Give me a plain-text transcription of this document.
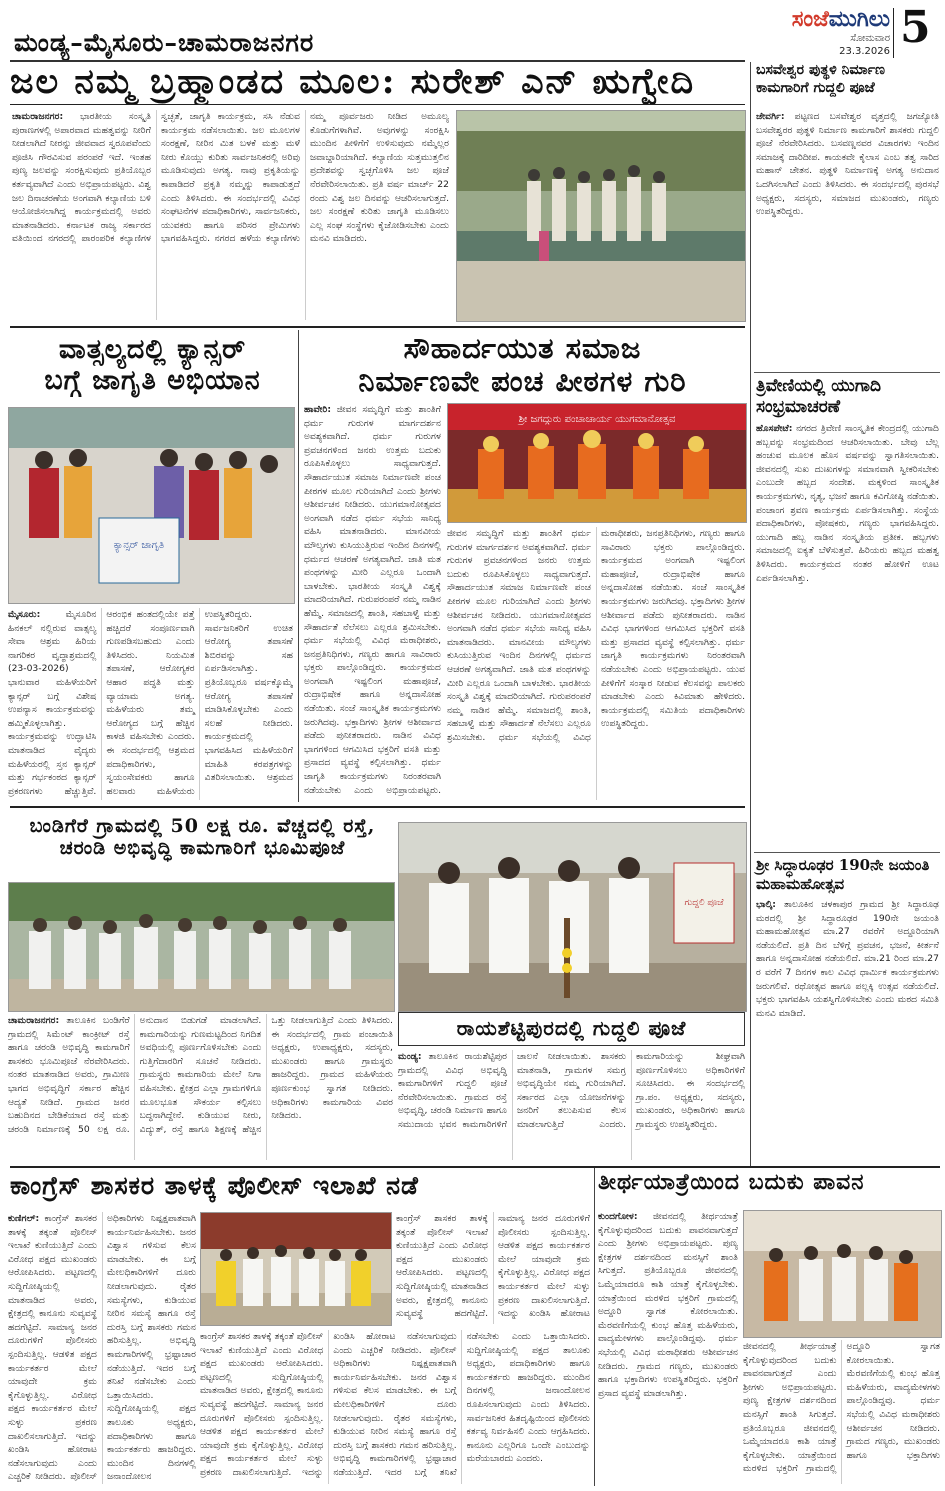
ಮಂಡ್ಯ–ಮೈಸೂರು–ಚಾಮರಾಜನಗರ
ಸಂಜೆಮುಗಿಲು
ಸೋಮವಾರ
23.3.2026 5
ಜಲ ನಮ್ಮ ಬ್ರಹ್ಮಾಂಡದ ಮೂಲ: ಸುರೇಶ್ ಎನ್ ಋಗ್ವೇದಿ
ಚಾಮರಾಜನಗರ: ಭಾರತೀಯ ಸಂಸ್ಕೃತಿ ಪುರಾಣಗಳಲ್ಲಿ ಅಪಾರವಾದ ಮಹತ್ವವನ್ನು ನೀರಿಗೆ ನೀಡಲಾಗಿದೆ ನೀರನ್ನು ಜೀವವಾದ ಸ್ವರೂಪವೆಂದು ಪೂಜಿಸಿ ಗೌರವಿಸುವ ಪರಂಪರೆ ಇದೆ. ಇಂತಹ ಪುಣ್ಯ ಜಲವನ್ನು ಸಂರಕ್ಷಿಸುವುದು ಪ್ರತಿಯೊಬ್ಬರ ಕರ್ತವ್ಯವಾಗಿದೆ ಎಂದು ಅಭಿಪ್ರಾಯಪಟ್ಟರು. ವಿಶ್ವ ಜಲ ದಿನಾಚರಣೆಯ ಅಂಗವಾಗಿ ಕಲ್ಯಾಣಿಯ ಬಳಿ ಆಯೋಜಿಸಲಾಗಿದ್ದ ಕಾರ್ಯಕ್ರಮದಲ್ಲಿ ಅವರು ಮಾತನಾಡಿದರು. ಕರ್ನಾಟಕ ರಾಜ್ಯ ಸರ್ಕಾರದ ವತಿಯಿಂದ ನಗರದಲ್ಲಿ ಪಾರಂಪರಿಕ ಕಲ್ಯಾಣಿಗಳ ಸ್ವಚ್ಛತೆ, ಜಾಗೃತಿ ಕಾರ್ಯಕ್ರಮ, ಸಸಿ ನೆಡುವ ಕಾರ್ಯಕ್ರಮ ನಡೆಸಲಾಯಿತು. ಜಲ ಮೂಲಗಳ ಸಂರಕ್ಷಣೆ, ನೀರಿನ ಮಿತ ಬಳಕೆ ಮತ್ತು ಮಳೆ ನೀರು ಕೊಯ್ಲು ಕುರಿತು ಸಾರ್ವಜನಿಕರಲ್ಲಿ ಅರಿವು ಮೂಡಿಸುವುದು ಅಗತ್ಯ. ನಾವು ಪ್ರಕೃತಿಯನ್ನು ಕಾಪಾಡಿದರೆ ಪ್ರಕೃತಿ ನಮ್ಮನ್ನು ಕಾಪಾಡುತ್ತದೆ ಎಂದು ತಿಳಿಸಿದರು. ಈ ಸಂದರ್ಭದಲ್ಲಿ ವಿವಿಧ ಸಂಘಟನೆಗಳ ಪದಾಧಿಕಾರಿಗಳು, ಸಾರ್ವಜನಿಕರು, ಯುವಕರು ಹಾಗೂ ಪರಿಸರ ಪ್ರೇಮಿಗಳು ಭಾಗವಹಿಸಿದ್ದರು. ನಗರದ ಹಳೆಯ ಕಲ್ಯಾಣಿಗಳು ನಮ್ಮ ಪೂರ್ವಜರು ನೀಡಿದ ಅಮೂಲ್ಯ ಕೊಡುಗೆಗಳಾಗಿವೆ. ಅವುಗಳನ್ನು ಸಂರಕ್ಷಿಸಿ ಮುಂದಿನ ಪೀಳಿಗೆಗೆ ಉಳಿಸುವುದು ನಮ್ಮೆಲ್ಲರ ಜವಾಬ್ದಾರಿಯಾಗಿದೆ. ಕಲ್ಯಾಣಿಯ ಸುತ್ತಮುತ್ತಲಿನ ಪ್ರದೇಶವನ್ನು ಸ್ವಚ್ಛಗೊಳಿಸಿ ಜಲ ಪೂಜೆ ನೆರವೇರಿಸಲಾಯಿತು. ಪ್ರತಿ ವರ್ಷ ಮಾರ್ಚ್ 22 ರಂದು ವಿಶ್ವ ಜಲ ದಿನವನ್ನು ಆಚರಿಸಲಾಗುತ್ತದೆ. ಜಲ ಸಂರಕ್ಷಣೆ ಕುರಿತು ಜಾಗೃತಿ ಮೂಡಿಸಲು ಎಲ್ಲ ಸಂಘ ಸಂಸ್ಥೆಗಳು ಕೈಜೋಡಿಸಬೇಕು ಎಂದು ಮನವಿ ಮಾಡಿದರು.
ವಾತ್ಸಲ್ಯದಲ್ಲಿ ಕ್ಯಾನ್ಸರ್
ಬಗ್ಗೆ ಜಾಗೃತಿ ಅಭಿಯಾನ
ಕ್ಯಾನ್ಸರ್ ಜಾಗೃತಿ
ಮೈಸೂರು:	ಮೈಸೂರಿನ ಹಿನಕಲ್ ನಲ್ಲಿರುವ ವಾತ್ಸಲ್ಯ ಸೇವಾ ಆಶ್ರಮ ಹಿರಿಯ ನಾಗರಿಕರ ವೃದ್ಧಾಶ್ರಮದಲ್ಲಿ (23-03-2026) ಭಾನುವಾರ ಮಹಿಳೆಯರಿಗೆ ಕ್ಯಾನ್ಸರ್ ಬಗ್ಗೆ ವಿಶೇಷ ಉಪನ್ಯಾಸ ಕಾರ್ಯಕ್ರಮವನ್ನು ಹಮ್ಮಿಕೊಳ್ಳಲಾಗಿತ್ತು. ಕಾರ್ಯಕ್ರಮವನ್ನು ಉದ್ಘಾಟಿಸಿ ಮಾತನಾಡಿದ ವೈದ್ಯರು ಮಹಿಳೆಯರಲ್ಲಿ ಸ್ತನ ಕ್ಯಾನ್ಸರ್ ಮತ್ತು ಗರ್ಭಕಂಠದ ಕ್ಯಾನ್ಸರ್ ಪ್ರಕರಣಗಳು ಹೆಚ್ಚುತ್ತಿವೆ. ಆರಂಭಿಕ ಹಂತದಲ್ಲಿಯೇ ಪತ್ತೆ ಹಚ್ಚಿದರೆ ಸಂಪೂರ್ಣವಾಗಿ ಗುಣಪಡಿಸಬಹುದು ಎಂದು ತಿಳಿಸಿದರು. ನಿಯಮಿತ ತಪಾಸಣೆ, ಆರೋಗ್ಯಕರ ಆಹಾರ ಪದ್ಧತಿ ಮತ್ತು ವ್ಯಾಯಾಮ ಅಗತ್ಯ. ಮಹಿಳೆಯರು ತಮ್ಮ ಆರೋಗ್ಯದ ಬಗ್ಗೆ ಹೆಚ್ಚಿನ ಕಾಳಜಿ ವಹಿಸಬೇಕು ಎಂದರು. ಈ ಸಂದರ್ಭದಲ್ಲಿ ಆಶ್ರಮದ ಪದಾಧಿಕಾರಿಗಳು, ಸ್ವಯಂಸೇವಕರು ಹಾಗೂ ಹಲವಾರು ಮಹಿಳೆಯರು ಉಪಸ್ಥಿತರಿದ್ದರು. ಸಾರ್ವಜನಿಕರಿಗೆ ಉಚಿತ ಆರೋಗ್ಯ ತಪಾಸಣೆ ಶಿಬಿರವನ್ನು ಸಹ ಏರ್ಪಡಿಸಲಾಗಿತ್ತು. ಪ್ರತಿಯೊಬ್ಬರೂ ವರ್ಷಕ್ಕೊಮ್ಮೆ ಆರೋಗ್ಯ ತಪಾಸಣೆ ಮಾಡಿಸಿಕೊಳ್ಳಬೇಕು ಎಂದು ಸಲಹೆ ನೀಡಿದರು. ಕಾರ್ಯಕ್ರಮದಲ್ಲಿ ಭಾಗವಹಿಸಿದ ಮಹಿಳೆಯರಿಗೆ ಮಾಹಿತಿ ಕರಪತ್ರಗಳನ್ನು ವಿತರಿಸಲಾಯಿತು. ಆಶ್ರಮದ
ಸೌಹಾರ್ದಯುತ ಸಮಾಜ
ನಿರ್ಮಾಣವೇ ಪಂಚ ಪೀಠಗಳ ಗುರಿ
ಶ್ರೀ ಜಗದ್ಗುರು ಪಂಚಾಚಾರ್ಯ ಯುಗಮಾನೋತ್ಸವ
ಹಾವೇರಿ: ಜೀವನ ಸಮೃದ್ಧಿಗೆ ಮತ್ತು ಶಾಂತಿಗೆ ಧರ್ಮ ಗುರುಗಳ ಮಾರ್ಗದರ್ಶನ ಅವಶ್ಯಕವಾಗಿದೆ. ಧರ್ಮ ಗುರುಗಳ ಪ್ರವಚನಗಳಿಂದ ಜನರು ಉತ್ತಮ ಬದುಕು ರೂಪಿಸಿಕೊಳ್ಳಲು ಸಾಧ್ಯವಾಗುತ್ತದೆ. ಸೌಹಾರ್ದಯುತ ಸಮಾಜ ನಿರ್ಮಾಣವೇ ಪಂಚ ಪೀಠಗಳ ಮೂಲ ಗುರಿಯಾಗಿದೆ ಎಂದು ಶ್ರೀಗಳು ಆಶೀರ್ವಚನ ನೀಡಿದರು. ಯುಗಮಾನೋತ್ಸವದ ಅಂಗವಾಗಿ ನಡೆದ ಧರ್ಮ ಸಭೆಯ ಸಾನಿಧ್ಯ ವಹಿಸಿ ಮಾತನಾಡಿದರು. ಮಾನವೀಯ ಮೌಲ್ಯಗಳು ಕುಸಿಯುತ್ತಿರುವ ಇಂದಿನ ದಿನಗಳಲ್ಲಿ ಧರ್ಮದ ಆಚರಣೆ ಅಗತ್ಯವಾಗಿದೆ. ಜಾತಿ ಮತ ಪಂಥಗಳನ್ನು ಮೀರಿ ಎಲ್ಲರೂ ಒಂದಾಗಿ ಬಾಳಬೇಕು. ಭಾರತೀಯ ಸಂಸ್ಕೃತಿ ವಿಶ್ವಕ್ಕೆ ಮಾದರಿಯಾಗಿದೆ. ಗುರುಪರಂಪರೆ ನಮ್ಮ ನಾಡಿನ ಹೆಮ್ಮೆ. ಸಮಾಜದಲ್ಲಿ ಶಾಂತಿ, ಸಹಬಾಳ್ವೆ ಮತ್ತು ಸೌಹಾರ್ದತೆ ನೆಲೆಸಲು ಎಲ್ಲರೂ ಶ್ರಮಿಸಬೇಕು. ಧರ್ಮ ಸಭೆಯಲ್ಲಿ ವಿವಿಧ ಮಠಾಧೀಶರು, ಜನಪ್ರತಿನಿಧಿಗಳು, ಗಣ್ಯರು ಹಾಗೂ ಸಾವಿರಾರು ಭಕ್ತರು ಪಾಲ್ಗೊಂಡಿದ್ದರು. ಕಾರ್ಯಕ್ರಮದ ಅಂಗವಾಗಿ ಇಷ್ಟಲಿಂಗ ಮಹಾಪೂಜೆ, ರುದ್ರಾಭಿಷೇಕ ಹಾಗೂ ಅನ್ನದಾಸೋಹ ನಡೆಯಿತು. ಸಂಜೆ ಸಾಂಸ್ಕೃತಿಕ ಕಾರ್ಯಕ್ರಮಗಳು ಜರುಗಿದವು. ಭಕ್ತಾದಿಗಳು ಶ್ರೀಗಳ ಆಶೀರ್ವಾದ ಪಡೆದು ಪುನೀತರಾದರು. ನಾಡಿನ ವಿವಿಧ ಭಾಗಗಳಿಂದ ಆಗಮಿಸಿದ ಭಕ್ತರಿಗೆ ವಸತಿ ಮತ್ತು ಪ್ರಸಾದದ ವ್ಯವಸ್ಥೆ ಕಲ್ಪಿಸಲಾಗಿತ್ತು. ಧರ್ಮ ಜಾಗೃತಿ ಕಾರ್ಯಕ್ರಮಗಳು ನಿರಂತರವಾಗಿ ನಡೆಯಬೇಕು ಎಂದು ಅಭಿಪ್ರಾಯಪಟ್ಟರು.
ಜೀವನ ಸಮೃದ್ಧಿಗೆ ಮತ್ತು ಶಾಂತಿಗೆ ಧರ್ಮ ಗುರುಗಳ ಮಾರ್ಗದರ್ಶನ ಅವಶ್ಯಕವಾಗಿದೆ. ಧರ್ಮ ಗುರುಗಳ ಪ್ರವಚನಗಳಿಂದ ಜನರು ಉತ್ತಮ ಬದುಕು ರೂಪಿಸಿಕೊಳ್ಳಲು ಸಾಧ್ಯವಾಗುತ್ತದೆ. ಸೌಹಾರ್ದಯುತ ಸಮಾಜ ನಿರ್ಮಾಣವೇ ಪಂಚ ಪೀಠಗಳ ಮೂಲ ಗುರಿಯಾಗಿದೆ ಎಂದು ಶ್ರೀಗಳು ಆಶೀರ್ವಚನ ನೀಡಿದರು. ಯುಗಮಾನೋತ್ಸವದ ಅಂಗವಾಗಿ ನಡೆದ ಧರ್ಮ ಸಭೆಯ ಸಾನಿಧ್ಯ ವಹಿಸಿ ಮಾತನಾಡಿದರು. ಮಾನವೀಯ ಮೌಲ್ಯಗಳು ಕುಸಿಯುತ್ತಿರುವ ಇಂದಿನ ದಿನಗಳಲ್ಲಿ ಧರ್ಮದ ಆಚರಣೆ ಅಗತ್ಯವಾಗಿದೆ. ಜಾತಿ ಮತ ಪಂಥಗಳನ್ನು ಮೀರಿ ಎಲ್ಲರೂ ಒಂದಾಗಿ ಬಾಳಬೇಕು. ಭಾರತೀಯ ಸಂಸ್ಕೃತಿ ವಿಶ್ವಕ್ಕೆ ಮಾದರಿಯಾಗಿದೆ. ಗುರುಪರಂಪರೆ ನಮ್ಮ ನಾಡಿನ ಹೆಮ್ಮೆ. ಸಮಾಜದಲ್ಲಿ ಶಾಂತಿ, ಸಹಬಾಳ್ವೆ ಮತ್ತು ಸೌಹಾರ್ದತೆ ನೆಲೆಸಲು ಎಲ್ಲರೂ ಶ್ರಮಿಸಬೇಕು. ಧರ್ಮ ಸಭೆಯಲ್ಲಿ ವಿವಿಧ ಮಠಾಧೀಶರು, ಜನಪ್ರತಿನಿಧಿಗಳು, ಗಣ್ಯರು ಹಾಗೂ ಸಾವಿರಾರು ಭಕ್ತರು ಪಾಲ್ಗೊಂಡಿದ್ದರು. ಕಾರ್ಯಕ್ರಮದ ಅಂಗವಾಗಿ ಇಷ್ಟಲಿಂಗ ಮಹಾಪೂಜೆ, ರುದ್ರಾಭಿಷೇಕ ಹಾಗೂ ಅನ್ನದಾಸೋಹ ನಡೆಯಿತು. ಸಂಜೆ ಸಾಂಸ್ಕೃತಿಕ ಕಾರ್ಯಕ್ರಮಗಳು ಜರುಗಿದವು. ಭಕ್ತಾದಿಗಳು ಶ್ರೀಗಳ ಆಶೀರ್ವಾದ ಪಡೆದು ಪುನೀತರಾದರು. ನಾಡಿನ ವಿವಿಧ ಭಾಗಗಳಿಂದ ಆಗಮಿಸಿದ ಭಕ್ತರಿಗೆ ವಸತಿ ಮತ್ತು ಪ್ರಸಾದದ ವ್ಯವಸ್ಥೆ ಕಲ್ಪಿಸಲಾಗಿತ್ತು. ಧರ್ಮ ಜಾಗೃತಿ ಕಾರ್ಯಕ್ರಮಗಳು ನಿರಂತರವಾಗಿ ನಡೆಯಬೇಕು ಎಂದು ಅಭಿಪ್ರಾಯಪಟ್ಟರು. ಯುವ ಪೀಳಿಗೆಗೆ ಸಂಸ್ಕಾರ ನೀಡುವ ಕೆಲಸವನ್ನು ಪಾಲಕರು ಮಾಡಬೇಕು ಎಂದು ಕಿವಿಮಾತು ಹೇಳಿದರು. ಕಾರ್ಯಕ್ರಮದಲ್ಲಿ ಸಮಿತಿಯ ಪದಾಧಿಕಾರಿಗಳು ಉಪಸ್ಥಿತರಿದ್ದರು.
ಬಸವೇಶ್ವರ ಪುತ್ಥಳಿ ನಿರ್ಮಾಣ ಕಾಮಗಾರಿಗೆ ಗುದ್ದಲಿ ಪೂಜೆ
ಜೇವರ್ಗಿ: ಪಟ್ಟಣದ ಬಸವೇಶ್ವರ ವೃತ್ತದಲ್ಲಿ ಜಗಜ್ಯೋತಿ ಬಸವೇಶ್ವರರ ಪುತ್ಥಳಿ ನಿರ್ಮಾಣ ಕಾಮಗಾರಿಗೆ ಶಾಸಕರು ಗುದ್ದಲಿ ಪೂಜೆ ನೆರವೇರಿಸಿದರು. ಬಸವಣ್ಣನವರ ವಿಚಾರಗಳು ಇಂದಿನ ಸಮಾಜಕ್ಕೆ ದಾರಿದೀಪ. ಕಾಯಕವೇ ಕೈಲಾಸ ಎಂಬ ತತ್ವ ಸಾರಿದ ಮಹಾನ್ ಚೇತನ. ಪುತ್ಥಳಿ ನಿರ್ಮಾಣಕ್ಕೆ ಅಗತ್ಯ ಅನುದಾನ ಒದಗಿಸಲಾಗಿದೆ ಎಂದು ತಿಳಿಸಿದರು. ಈ ಸಂದರ್ಭದಲ್ಲಿ ಪುರಸಭೆ ಅಧ್ಯಕ್ಷರು, ಸದಸ್ಯರು, ಸಮಾಜದ ಮುಖಂಡರು, ಗಣ್ಯರು ಉಪಸ್ಥಿತರಿದ್ದರು.
ತ್ರಿವೇಣಿಯಲ್ಲಿ ಯುಗಾದಿ ಸಂಭ್ರಮಾಚರಣೆ
ಹೊಸಪೇಟೆ: ನಗರದ ತ್ರಿವೇಣಿ ಸಾಂಸ್ಕೃತಿಕ ಕೇಂದ್ರದಲ್ಲಿ ಯುಗಾದಿ ಹಬ್ಬವನ್ನು ಸಂಭ್ರಮದಿಂದ ಆಚರಿಸಲಾಯಿತು. ಬೇವು ಬೆಲ್ಲ ಹಂಚುವ ಮೂಲಕ ಹೊಸ ವರ್ಷವನ್ನು ಸ್ವಾಗತಿಸಲಾಯಿತು. ಜೀವನದಲ್ಲಿ ಸುಖ ದುಃಖಗಳನ್ನು ಸಮಾನವಾಗಿ ಸ್ವೀಕರಿಸಬೇಕು ಎಂಬುದೇ ಹಬ್ಬದ ಸಂದೇಶ. ಮಕ್ಕಳಿಂದ ಸಾಂಸ್ಕೃತಿಕ ಕಾರ್ಯಕ್ರಮಗಳು, ನೃತ್ಯ, ಭಜನೆ ಹಾಗೂ ಕವಿಗೋಷ್ಠಿ ನಡೆಯಿತು. ಪಂಚಾಂಗ ಶ್ರವಣ ಕಾರ್ಯಕ್ರಮ ಏರ್ಪಡಿಸಲಾಗಿತ್ತು. ಸಂಸ್ಥೆಯ ಪದಾಧಿಕಾರಿಗಳು, ಪೋಷಕರು, ಗಣ್ಯರು ಭಾಗವಹಿಸಿದ್ದರು. ಯುಗಾದಿ ಹಬ್ಬ ನಾಡಿನ ಸಂಸ್ಕೃತಿಯ ಪ್ರತೀಕ. ಹಬ್ಬಗಳು ಸಮಾಜದಲ್ಲಿ ಐಕ್ಯತೆ ಬೆಳೆಸುತ್ತವೆ. ಹಿರಿಯರು ಹಬ್ಬದ ಮಹತ್ವ ತಿಳಿಸಿದರು. ಕಾರ್ಯಕ್ರಮದ ನಂತರ ಹೋಳಿಗೆ ಊಟ ಏರ್ಪಡಿಸಲಾಗಿತ್ತು.
ಶ್ರೀ ಸಿದ್ಧಾರೂಢರ 190ನೇ ಜಯಂತಿ ಮಹಾಮಹೋತ್ಸವ
ಭಾಲ್ಕಿ: ತಾಲೂಕಿನ ಚಳಕಾಪುರ ಗ್ರಾಮದ ಶ್ರೀ ಸಿದ್ಧಾರೂಢ ಮಠದಲ್ಲಿ ಶ್ರೀ ಸಿದ್ಧಾರೂಢರ 190ನೇ ಜಯಂತಿ ಮಹಾಮಹೋತ್ಸವ ಮಾ.27 ರವರೆಗೆ ಅದ್ದೂರಿಯಾಗಿ ನಡೆಯಲಿದೆ. ಪ್ರತಿ ದಿನ ಬೆಳಿಗ್ಗೆ ಪ್ರವಚನ, ಭಜನೆ, ಕೀರ್ತನೆ ಹಾಗೂ ಅನ್ನದಾಸೋಹ ನಡೆಯಲಿದೆ. ಮಾ.21 ರಿಂದ ಮಾ.27 ರ ವರೆಗೆ 7 ದಿನಗಳ ಕಾಲ ವಿವಿಧ ಧಾರ್ಮಿಕ ಕಾರ್ಯಕ್ರಮಗಳು ಜರುಗಲಿವೆ. ರಥೋತ್ಸವ ಹಾಗೂ ಪಲ್ಲಕ್ಕಿ ಉತ್ಸವ ನಡೆಯಲಿದೆ. ಭಕ್ತರು ಭಾಗವಹಿಸಿ ಯಶಸ್ವಿಗೊಳಿಸಬೇಕು ಎಂದು ಮಠದ ಸಮಿತಿ ಮನವಿ ಮಾಡಿದೆ.
ಬಂಡಿಗೆರೆ ಗ್ರಾಮದಲ್ಲಿ 50 ಲಕ್ಷ ರೂ. ವೆಚ್ಚದಲ್ಲಿ ರಸ್ತೆ,
ಚರಂಡಿ ಅಭಿವೃದ್ಧಿ ಕಾಮಗಾರಿಗೆ ಭೂಮಿಪೂಜೆ
ಚಾಮರಾಜನಗರ: ತಾಲೂಕಿನ ಬಂಡಿಗೆರೆ ಗ್ರಾಮದಲ್ಲಿ ಸಿಮೆಂಟ್ ಕಾಂಕ್ರೀಟ್ ರಸ್ತೆ ಹಾಗೂ ಚರಂಡಿ ಅಭಿವೃದ್ಧಿ ಕಾಮಗಾರಿಗೆ ಶಾಸಕರು ಭೂಮಿಪೂಜೆ ನೆರವೇರಿಸಿದರು. ನಂತರ ಮಾತನಾಡಿದ ಅವರು, ಗ್ರಾಮೀಣ ಭಾಗದ ಅಭಿವೃದ್ಧಿಗೆ ಸರ್ಕಾರ ಹೆಚ್ಚಿನ ಆದ್ಯತೆ ನೀಡಿದೆ. ಗ್ರಾಮದ ಜನರ ಬಹುದಿನದ ಬೇಡಿಕೆಯಾದ ರಸ್ತೆ ಮತ್ತು ಚರಂಡಿ ನಿರ್ಮಾಣಕ್ಕೆ 50 ಲಕ್ಷ ರೂ. ಅನುದಾನ ಬಿಡುಗಡೆ ಮಾಡಲಾಗಿದೆ. ಕಾಮಗಾರಿಯನ್ನು ಗುಣಮಟ್ಟದಿಂದ ನಿಗದಿತ ಅವಧಿಯಲ್ಲಿ ಪೂರ್ಣಗೊಳಿಸಬೇಕು ಎಂದು ಗುತ್ತಿಗೆದಾರರಿಗೆ ಸೂಚನೆ ನೀಡಿದರು. ಗ್ರಾಮಸ್ಥರು ಕಾಮಗಾರಿಯ ಮೇಲೆ ನಿಗಾ ವಹಿಸಬೇಕು. ಕ್ಷೇತ್ರದ ಎಲ್ಲಾ ಗ್ರಾಮಗಳಿಗೂ ಮೂಲಭೂತ ಸೌಕರ್ಯ ಕಲ್ಪಿಸಲು ಬದ್ಧನಾಗಿದ್ದೇನೆ. ಕುಡಿಯುವ ನೀರು, ವಿದ್ಯುತ್, ರಸ್ತೆ ಹಾಗೂ ಶಿಕ್ಷಣಕ್ಕೆ ಹೆಚ್ಚಿನ ಒತ್ತು ನೀಡಲಾಗುತ್ತಿದೆ ಎಂದು ತಿಳಿಸಿದರು. ಈ ಸಂದರ್ಭದಲ್ಲಿ ಗ್ರಾಮ ಪಂಚಾಯಿತಿ ಅಧ್ಯಕ್ಷರು, ಉಪಾಧ್ಯಕ್ಷರು, ಸದಸ್ಯರು, ಮುಖಂಡರು ಹಾಗೂ ಗ್ರಾಮಸ್ಥರು ಹಾಜರಿದ್ದರು. ಗ್ರಾಮದ ಮಹಿಳೆಯರು ಪೂರ್ಣಕುಂಭ ಸ್ವಾಗತ ನೀಡಿದರು. ಅಧಿಕಾರಿಗಳು ಕಾಮಗಾರಿಯ ವಿವರ ನೀಡಿದರು.
ಗುದ್ದಲಿ ಪೂಜೆ
ರಾಯಶೆಟ್ಟಿಪುರದಲ್ಲಿ ಗುದ್ದಲಿ ಪೂಜೆ
ಮಂಡ್ಯ: ತಾಲೂಕಿನ ರಾಯಶೆಟ್ಟಿಪುರ ಗ್ರಾಮದಲ್ಲಿ ವಿವಿಧ ಅಭಿವೃದ್ಧಿ ಕಾಮಗಾರಿಗಳಿಗೆ ಗುದ್ದಲಿ ಪೂಜೆ ನೆರವೇರಿಸಲಾಯಿತು. ಗ್ರಾಮದ ರಸ್ತೆ ಅಭಿವೃದ್ಧಿ, ಚರಂಡಿ ನಿರ್ಮಾಣ ಹಾಗೂ ಸಮುದಾಯ ಭವನ ಕಾಮಗಾರಿಗಳಿಗೆ ಚಾಲನೆ ನೀಡಲಾಯಿತು. ಶಾಸಕರು ಮಾತನಾಡಿ, ಗ್ರಾಮಗಳ ಸಮಗ್ರ ಅಭಿವೃದ್ಧಿಯೇ ನಮ್ಮ ಗುರಿಯಾಗಿದೆ. ಸರ್ಕಾರದ ಎಲ್ಲಾ ಯೋಜನೆಗಳನ್ನು ಜನರಿಗೆ ತಲುಪಿಸುವ ಕೆಲಸ ಮಾಡಲಾಗುತ್ತಿದೆ ಎಂದರು. ಕಾಮಗಾರಿಯನ್ನು ಶೀಘ್ರವಾಗಿ ಪೂರ್ಣಗೊಳಿಸಲು ಅಧಿಕಾರಿಗಳಿಗೆ ಸೂಚಿಸಿದರು. ಈ ಸಂದರ್ಭದಲ್ಲಿ ಗ್ರಾ.ಪಂ. ಅಧ್ಯಕ್ಷರು, ಸದಸ್ಯರು, ಮುಖಂಡರು, ಅಧಿಕಾರಿಗಳು ಹಾಗೂ ಗ್ರಾಮಸ್ಥರು ಉಪಸ್ಥಿತರಿದ್ದರು.
ಕಾಂಗ್ರೆಸ್ ಶಾಸಕರ ತಾಳಕ್ಕೆ ಪೊಲೀಸ್ ಇಲಾಖೆ ನಡೆ
ಕುಣಿಗಲ್: ಕಾಂಗ್ರೆಸ್ ಶಾಸಕರ ತಾಳಕ್ಕೆ ತಕ್ಕಂತೆ ಪೊಲೀಸ್ ಇಲಾಖೆ ಕುಣಿಯುತ್ತಿದೆ ಎಂದು ವಿರೋಧ ಪಕ್ಷದ ಮುಖಂಡರು ಆರೋಪಿಸಿದರು. ಪಟ್ಟಣದಲ್ಲಿ ಸುದ್ದಿಗೋಷ್ಠಿಯಲ್ಲಿ ಮಾತನಾಡಿದ ಅವರು, ಕ್ಷೇತ್ರದಲ್ಲಿ ಕಾನೂನು ಸುವ್ಯವಸ್ಥೆ ಹದಗೆಟ್ಟಿದೆ. ಸಾಮಾನ್ಯ ಜನರ ದೂರುಗಳಿಗೆ ಪೊಲೀಸರು ಸ್ಪಂದಿಸುತ್ತಿಲ್ಲ. ಆಡಳಿತ ಪಕ್ಷದ ಕಾರ್ಯಕರ್ತರ ಮೇಲೆ ಯಾವುದೇ ಕ್ರಮ ಕೈಗೊಳ್ಳುತ್ತಿಲ್ಲ. ವಿರೋಧ ಪಕ್ಷದ ಕಾರ್ಯಕರ್ತರ ಮೇಲೆ ಸುಳ್ಳು ಪ್ರಕರಣ ದಾಖಲಿಸಲಾಗುತ್ತಿದೆ. ಇದನ್ನು ಖಂಡಿಸಿ ಹೋರಾಟ ನಡೆಸಲಾಗುವುದು ಎಂದು ಎಚ್ಚರಿಕೆ ನೀಡಿದರು. ಪೊಲೀಸ್ ಅಧಿಕಾರಿಗಳು ನಿಷ್ಪಕ್ಷಪಾತವಾಗಿ ಕಾರ್ಯನಿರ್ವಹಿಸಬೇಕು. ಜನರ ವಿಶ್ವಾಸ ಗಳಿಸುವ ಕೆಲಸ ಮಾಡಬೇಕು. ಈ ಬಗ್ಗೆ ಮೇಲಧಿಕಾರಿಗಳಿಗೆ ದೂರು ನೀಡಲಾಗುವುದು. ರೈತರ ಸಮಸ್ಯೆಗಳು, ಕುಡಿಯುವ ನೀರಿನ ಸಮಸ್ಯೆ ಹಾಗೂ ರಸ್ತೆ ದುರಸ್ತಿ ಬಗ್ಗೆ ಶಾಸಕರು ಗಮನ ಹರಿಸುತ್ತಿಲ್ಲ. ಅಭಿವೃದ್ಧಿ ಕಾಮಗಾರಿಗಳಲ್ಲಿ ಭ್ರಷ್ಟಾಚಾರ ನಡೆಯುತ್ತಿದೆ. ಇದರ ಬಗ್ಗೆ ತನಿಖೆ ನಡೆಸಬೇಕು ಎಂದು ಒತ್ತಾಯಿಸಿದರು. ಸುದ್ದಿಗೋಷ್ಠಿಯಲ್ಲಿ ಪಕ್ಷದ ತಾಲೂಕು ಅಧ್ಯಕ್ಷರು, ಪದಾಧಿಕಾರಿಗಳು ಹಾಗೂ ಕಾರ್ಯಕರ್ತರು ಹಾಜರಿದ್ದರು. ಮುಂದಿನ ದಿನಗಳಲ್ಲಿ ಜನಾಂದೋಲನ
ಕಾಂಗ್ರೆಸ್ ಶಾಸಕರ ತಾಳಕ್ಕೆ ತಕ್ಕಂತೆ ಪೊಲೀಸ್ ಇಲಾಖೆ ಕುಣಿಯುತ್ತಿದೆ ಎಂದು ವಿರೋಧ ಪಕ್ಷದ ಮುಖಂಡರು ಆರೋಪಿಸಿದರು. ಪಟ್ಟಣದಲ್ಲಿ ಸುದ್ದಿಗೋಷ್ಠಿಯಲ್ಲಿ ಮಾತನಾಡಿದ ಅವರು, ಕ್ಷೇತ್ರದಲ್ಲಿ ಕಾನೂನು ಸುವ್ಯವಸ್ಥೆ ಹದಗೆಟ್ಟಿದೆ. ಸಾಮಾನ್ಯ ಜನರ ದೂರುಗಳಿಗೆ ಪೊಲೀಸರು ಸ್ಪಂದಿಸುತ್ತಿಲ್ಲ. ಆಡಳಿತ ಪಕ್ಷದ ಕಾರ್ಯಕರ್ತರ ಮೇಲೆ ಯಾವುದೇ ಕ್ರಮ ಕೈಗೊಳ್ಳುತ್ತಿಲ್ಲ. ವಿರೋಧ ಪಕ್ಷದ ಕಾರ್ಯಕರ್ತರ ಮೇಲೆ ಸುಳ್ಳು ಪ್ರಕರಣ ದಾಖಲಿಸಲಾಗುತ್ತಿದೆ. ಇದನ್ನು ಖಂಡಿಸಿ ಹೋರಾಟ ನಡೆಸಲಾಗುವುದು ಎಂದು ಎಚ್ಚರಿಕೆ ನೀಡಿದರು. ಪೊಲೀಸ್ ಅಧಿಕಾರಿಗಳು ನಿಷ್ಪಕ್ಷಪಾತವಾಗಿ ಕಾರ್ಯನಿರ್ವಹಿಸಬೇಕು. ಜನರ ವಿಶ್ವಾಸ ಗಳಿಸುವ ಕೆಲಸ ಮಾಡಬೇಕು. ಈ ಬಗ್ಗೆ ಮೇಲಧಿಕಾರಿಗಳಿಗೆ ದೂರು ನೀಡಲಾಗುವುದು. ರೈತರ ಸಮಸ್ಯೆಗಳು, ಕುಡಿಯುವ ನೀರಿನ ಸಮಸ್ಯೆ ಹಾಗೂ ರಸ್ತೆ ದುರಸ್ತಿ ಬಗ್ಗೆ ಶಾಸಕರು ಗಮನ ಹರಿಸುತ್ತಿಲ್ಲ. ಅಭಿವೃದ್ಧಿ ಕಾಮಗಾರಿಗಳಲ್ಲಿ ಭ್ರಷ್ಟಾಚಾರ ನಡೆಯುತ್ತಿದೆ. ಇದರ ಬಗ್ಗೆ ತನಿಖೆ ನಡೆಸಬೇಕು ಎಂದು ಒತ್ತಾಯಿಸಿದರು. ಸುದ್ದಿಗೋಷ್ಠಿಯಲ್ಲಿ ಪಕ್ಷದ ತಾಲೂಕು ಅಧ್ಯಕ್ಷರು, ಪದಾಧಿಕಾರಿಗಳು ಹಾಗೂ ಕಾರ್ಯಕರ್ತರು ಹಾಜರಿದ್ದರು. ಮುಂದಿನ ದಿನಗಳಲ್ಲಿ ಜನಾಂದೋಲನ ರೂಪಿಸಲಾಗುವುದು ಎಂದು ತಿಳಿಸಿದರು. ಸಾರ್ವಜನಿಕರ ಹಿತದೃಷ್ಟಿಯಿಂದ ಪೊಲೀಸರು ಕರ್ತವ್ಯ ನಿರ್ವಹಿಸಲಿ ಎಂದು ಆಗ್ರಹಿಸಿದರು. ಕಾನೂನು ಎಲ್ಲರಿಗೂ ಒಂದೇ ಎಂಬುದನ್ನು ಮರೆಯಬಾರದು ಎಂದರು.
ಕಾಂಗ್ರೆಸ್ ಶಾಸಕರ ತಾಳಕ್ಕೆ ತಕ್ಕಂತೆ ಪೊಲೀಸ್ ಇಲಾಖೆ ಕುಣಿಯುತ್ತಿದೆ ಎಂದು ವಿರೋಧ ಪಕ್ಷದ ಮುಖಂಡರು ಆರೋಪಿಸಿದರು. ಪಟ್ಟಣದಲ್ಲಿ ಸುದ್ದಿಗೋಷ್ಠಿಯಲ್ಲಿ ಮಾತನಾಡಿದ ಅವರು, ಕ್ಷೇತ್ರದಲ್ಲಿ ಕಾನೂನು ಸುವ್ಯವಸ್ಥೆ ಹದಗೆಟ್ಟಿದೆ. ಸಾಮಾನ್ಯ ಜನರ ದೂರುಗಳಿಗೆ ಪೊಲೀಸರು ಸ್ಪಂದಿಸುತ್ತಿಲ್ಲ. ಆಡಳಿತ ಪಕ್ಷದ ಕಾರ್ಯಕರ್ತರ ಮೇಲೆ ಯಾವುದೇ ಕ್ರಮ ಕೈಗೊಳ್ಳುತ್ತಿಲ್ಲ. ವಿರೋಧ ಪಕ್ಷದ ಕಾರ್ಯಕರ್ತರ ಮೇಲೆ ಸುಳ್ಳು ಪ್ರಕರಣ ದಾಖಲಿಸಲಾಗುತ್ತಿದೆ. ಇದನ್ನು ಖಂಡಿಸಿ ಹೋರಾಟ
ತೀರ್ಥಯಾತ್ರೆಯಿಂದ ಬದುಕು ಪಾವನ
ಕುಂದಗೋಳ: ಜೀವನದಲ್ಲಿ ತೀರ್ಥಯಾತ್ರೆ ಕೈಗೊಳ್ಳುವುದರಿಂದ ಬದುಕು ಪಾವನವಾಗುತ್ತದೆ ಎಂದು ಶ್ರೀಗಳು ಅಭಿಪ್ರಾಯಪಟ್ಟರು. ಪುಣ್ಯ ಕ್ಷೇತ್ರಗಳ ದರ್ಶನದಿಂದ ಮನಸ್ಸಿಗೆ ಶಾಂತಿ ಸಿಗುತ್ತದೆ. ಪ್ರತಿಯೊಬ್ಬರೂ ಜೀವನದಲ್ಲಿ ಒಮ್ಮೆಯಾದರೂ ಕಾಶಿ ಯಾತ್ರೆ ಕೈಗೊಳ್ಳಬೇಕು. ಯಾತ್ರೆಯಿಂದ ಮರಳಿದ ಭಕ್ತರಿಗೆ ಗ್ರಾಮದಲ್ಲಿ ಅದ್ದೂರಿ ಸ್ವಾಗತ ಕೋರಲಾಯಿತು. ಮೆರವಣಿಗೆಯಲ್ಲಿ ಕುಂಭ ಹೊತ್ತ ಮಹಿಳೆಯರು, ವಾದ್ಯಮೇಳಗಳು ಪಾಲ್ಗೊಂಡಿದ್ದವು. ಧರ್ಮ ಸಭೆಯಲ್ಲಿ ವಿವಿಧ ಮಠಾಧೀಶರು ಆಶೀರ್ವಚನ ನೀಡಿದರು. ಗ್ರಾಮದ ಗಣ್ಯರು, ಮುಖಂಡರು ಹಾಗೂ ಭಕ್ತಾದಿಗಳು ಉಪಸ್ಥಿತರಿದ್ದರು. ಭಕ್ತರಿಗೆ ಪ್ರಸಾದ ವ್ಯವಸ್ಥೆ ಮಾಡಲಾಗಿತ್ತು.
ಜೀವನದಲ್ಲಿ ತೀರ್ಥಯಾತ್ರೆ ಕೈಗೊಳ್ಳುವುದರಿಂದ ಬದುಕು ಪಾವನವಾಗುತ್ತದೆ ಎಂದು ಶ್ರೀಗಳು ಅಭಿಪ್ರಾಯಪಟ್ಟರು. ಪುಣ್ಯ ಕ್ಷೇತ್ರಗಳ ದರ್ಶನದಿಂದ ಮನಸ್ಸಿಗೆ ಶಾಂತಿ ಸಿಗುತ್ತದೆ. ಪ್ರತಿಯೊಬ್ಬರೂ ಜೀವನದಲ್ಲಿ ಒಮ್ಮೆಯಾದರೂ ಕಾಶಿ ಯಾತ್ರೆ ಕೈಗೊಳ್ಳಬೇಕು. ಯಾತ್ರೆಯಿಂದ ಮರಳಿದ ಭಕ್ತರಿಗೆ ಗ್ರಾಮದಲ್ಲಿ ಅದ್ದೂರಿ ಸ್ವಾಗತ ಕೋರಲಾಯಿತು. ಮೆರವಣಿಗೆಯಲ್ಲಿ ಕುಂಭ ಹೊತ್ತ ಮಹಿಳೆಯರು, ವಾದ್ಯಮೇಳಗಳು ಪಾಲ್ಗೊಂಡಿದ್ದವು. ಧರ್ಮ ಸಭೆಯಲ್ಲಿ ವಿವಿಧ ಮಠಾಧೀಶರು ಆಶೀರ್ವಚನ ನೀಡಿದರು. ಗ್ರಾಮದ ಗಣ್ಯರು, ಮುಖಂಡರು ಹಾಗೂ ಭಕ್ತಾದಿಗಳು
